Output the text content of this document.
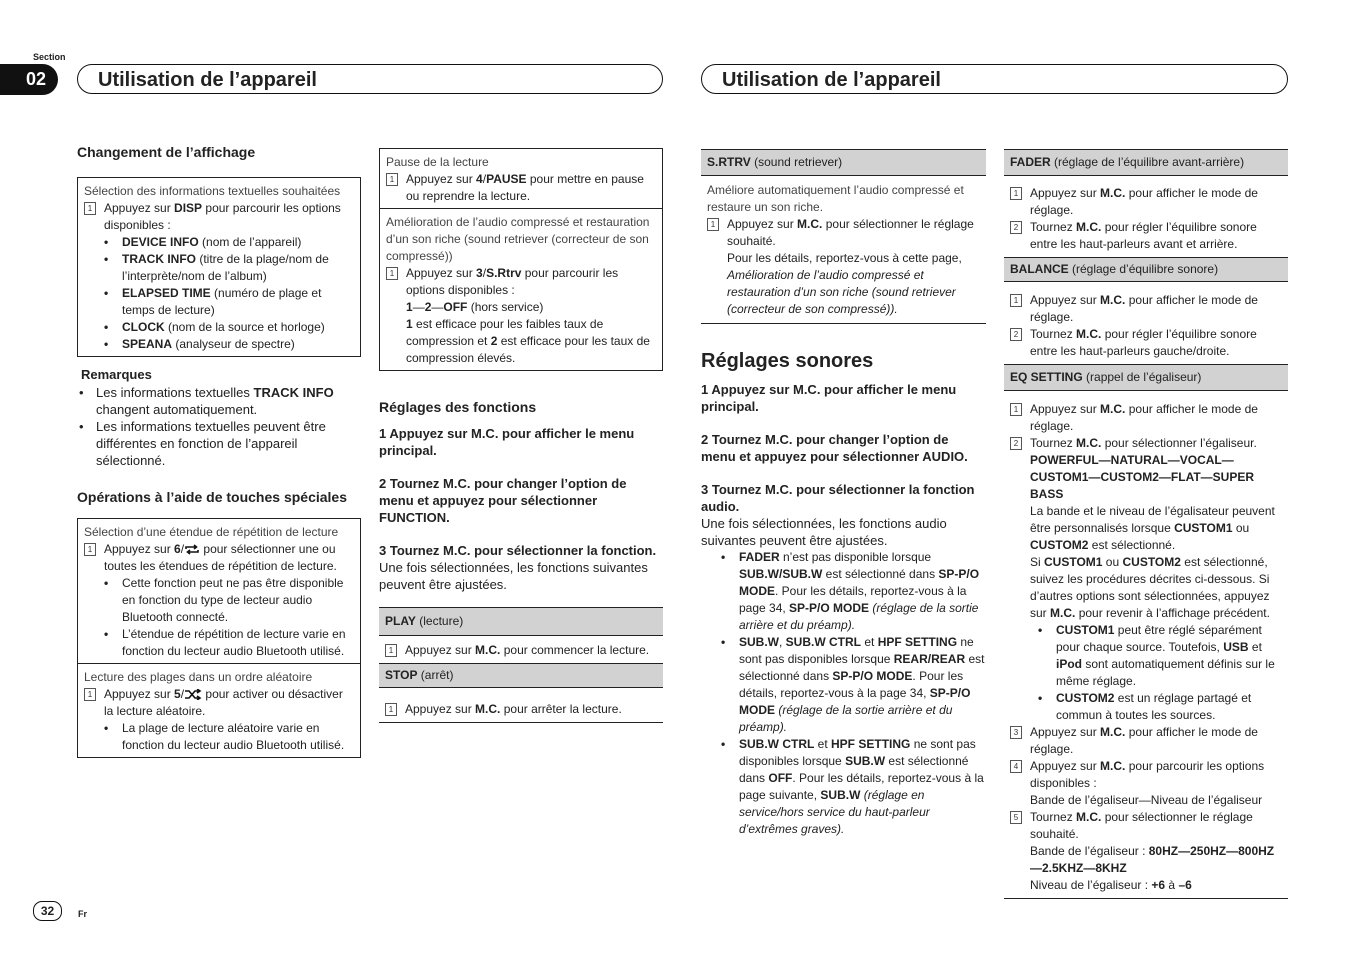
Section
02	Utilisation de l’appareil	Utilisation de l’appareil
Changement de l’affichage
Sélection des informations textuelles souhaitées
1 Appuyez sur DISP pour parcourir les options disponibles :
• DEVICE INFO (nom de l’appareil)
• TRACK INFO (titre de la plage/nom de l’interprète/nom de l’album)
• ELAPSED TIME (numéro de plage et temps de lecture)
• CLOCK (nom de la source et horloge)
• SPEANA (analyseur de spectre)
Remarques
• Les informations textuelles TRACK INFO changent automatiquement.
• Les informations textuelles peuvent être différentes en fonction de l’appareil sélectionné.
Opérations à l’aide de touches spéciales
Sélection d’une étendue de répétition de lecture
1 Appuyez sur 6/ pour sélectionner une ou toutes les étendues de répétition de lecture.
• Cette fonction peut ne pas être disponible en fonction du type de lecteur audio Bluetooth connecté.
• L’étendue de répétition de lecture varie en fonction du lecteur audio Bluetooth utilisé.
Lecture des plages dans un ordre aléatoire
1 Appuyez sur 5/ pour activer ou désactiver la lecture aléatoire.
• La plage de lecture aléatoire varie en fonction du lecteur audio Bluetooth utilisé.
Pause de la lecture
1 Appuyez sur 4/PAUSE pour mettre en pause ou reprendre la lecture.
Amélioration de l’audio compressé et restauration d’un son riche (sound retriever (correcteur de son compressé))
1 Appuyez sur 3/S.Rtrv pour parcourir les options disponibles :
1—2—OFF (hors service)
1 est efficace pour les faibles taux de compression et 2 est efficace pour les taux de compression élevés.
Réglages des fonctions
1 Appuyez sur M.C. pour afficher le menu principal.
2 Tournez M.C. pour changer l’option de menu et appuyez pour sélectionner FUNCTION.
3 Tournez M.C. pour sélectionner la fonction.
Une fois sélectionnées, les fonctions suivantes peuvent être ajustées.
PLAY (lecture)
1 Appuyez sur M.C. pour commencer la lecture.
STOP (arrêt)
1 Appuyez sur M.C. pour arrêter la lecture.
S.RTRV (sound retriever)
Améliore automatiquement l’audio compressé et restaure un son riche.
1 Appuyez sur M.C. pour sélectionner le réglage souhaité.
Pour les détails, reportez-vous à cette page, Amélioration de l’audio compressé et restauration d’un son riche (sound retriever (correcteur de son compressé)).
Réglages sonores
1 Appuyez sur M.C. pour afficher le menu principal.
2 Tournez M.C. pour changer l’option de menu et appuyez pour sélectionner AUDIO.
3 Tournez M.C. pour sélectionner la fonction audio.
Une fois sélectionnées, les fonctions audio suivantes peuvent être ajustées.
• FADER n’est pas disponible lorsque SUB.W/SUB.W est sélectionné dans SP-P/O MODE. Pour les détails, reportez-vous à la page 34, SP-P/O MODE (réglage de la sortie arrière et du préamp).
• SUB.W, SUB.W CTRL et HPF SETTING ne sont pas disponibles lorsque REAR/REAR est sélectionné dans SP-P/O MODE. Pour les détails, reportez-vous à la page 34, SP-P/O MODE (réglage de la sortie arrière et du préamp).
• SUB.W CTRL et HPF SETTING ne sont pas disponibles lorsque SUB.W est sélectionné dans OFF. Pour les détails, reportez-vous à la page suivante, SUB.W (réglage en service/hors service du haut-parleur d’extrêmes graves).
FADER (réglage de l’équilibre avant-arrière)
1 Appuyez sur M.C. pour afficher le mode de réglage.
2 Tournez M.C. pour régler l’équilibre sonore entre les haut-parleurs avant et arrière.
BALANCE (réglage d’équilibre sonore)
1 Appuyez sur M.C. pour afficher le mode de réglage.
2 Tournez M.C. pour régler l’équilibre sonore entre les haut-parleurs gauche/droite.
EQ SETTING (rappel de l’égaliseur)
1 Appuyez sur M.C. pour afficher le mode de réglage.
2 Tournez M.C. pour sélectionner l’égaliseur.
POWERFUL—NATURAL—VOCAL—CUSTOM1—CUSTOM2—FLAT—SUPER BASS
La bande et le niveau de l’égalisateur peuvent être personnalisés lorsque CUSTOM1 ou CUSTOM2 est sélectionné.
Si CUSTOM1 ou CUSTOM2 est sélectionné, suivez les procédures décrites ci-dessous. Si d’autres options sont sélectionnées, appuyez sur M.C. pour revenir à l’affichage précédent.
• CUSTOM1 peut être réglé séparément pour chaque source. Toutefois, USB et iPod sont automatiquement définis sur le même réglage.
• CUSTOM2 est un réglage partagé et commun à toutes les sources.
3 Appuyez sur M.C. pour afficher le mode de réglage.
4 Appuyez sur M.C. pour parcourir les options disponibles :
Bande de l’égaliseur—Niveau de l’égaliseur
5 Tournez M.C. pour sélectionner le réglage souhaité.
Bande de l’égaliseur : 80HZ—250HZ—800HZ—2.5KHZ—8KHZ
Niveau de l’égaliseur : +6 à –6
32	Fr
